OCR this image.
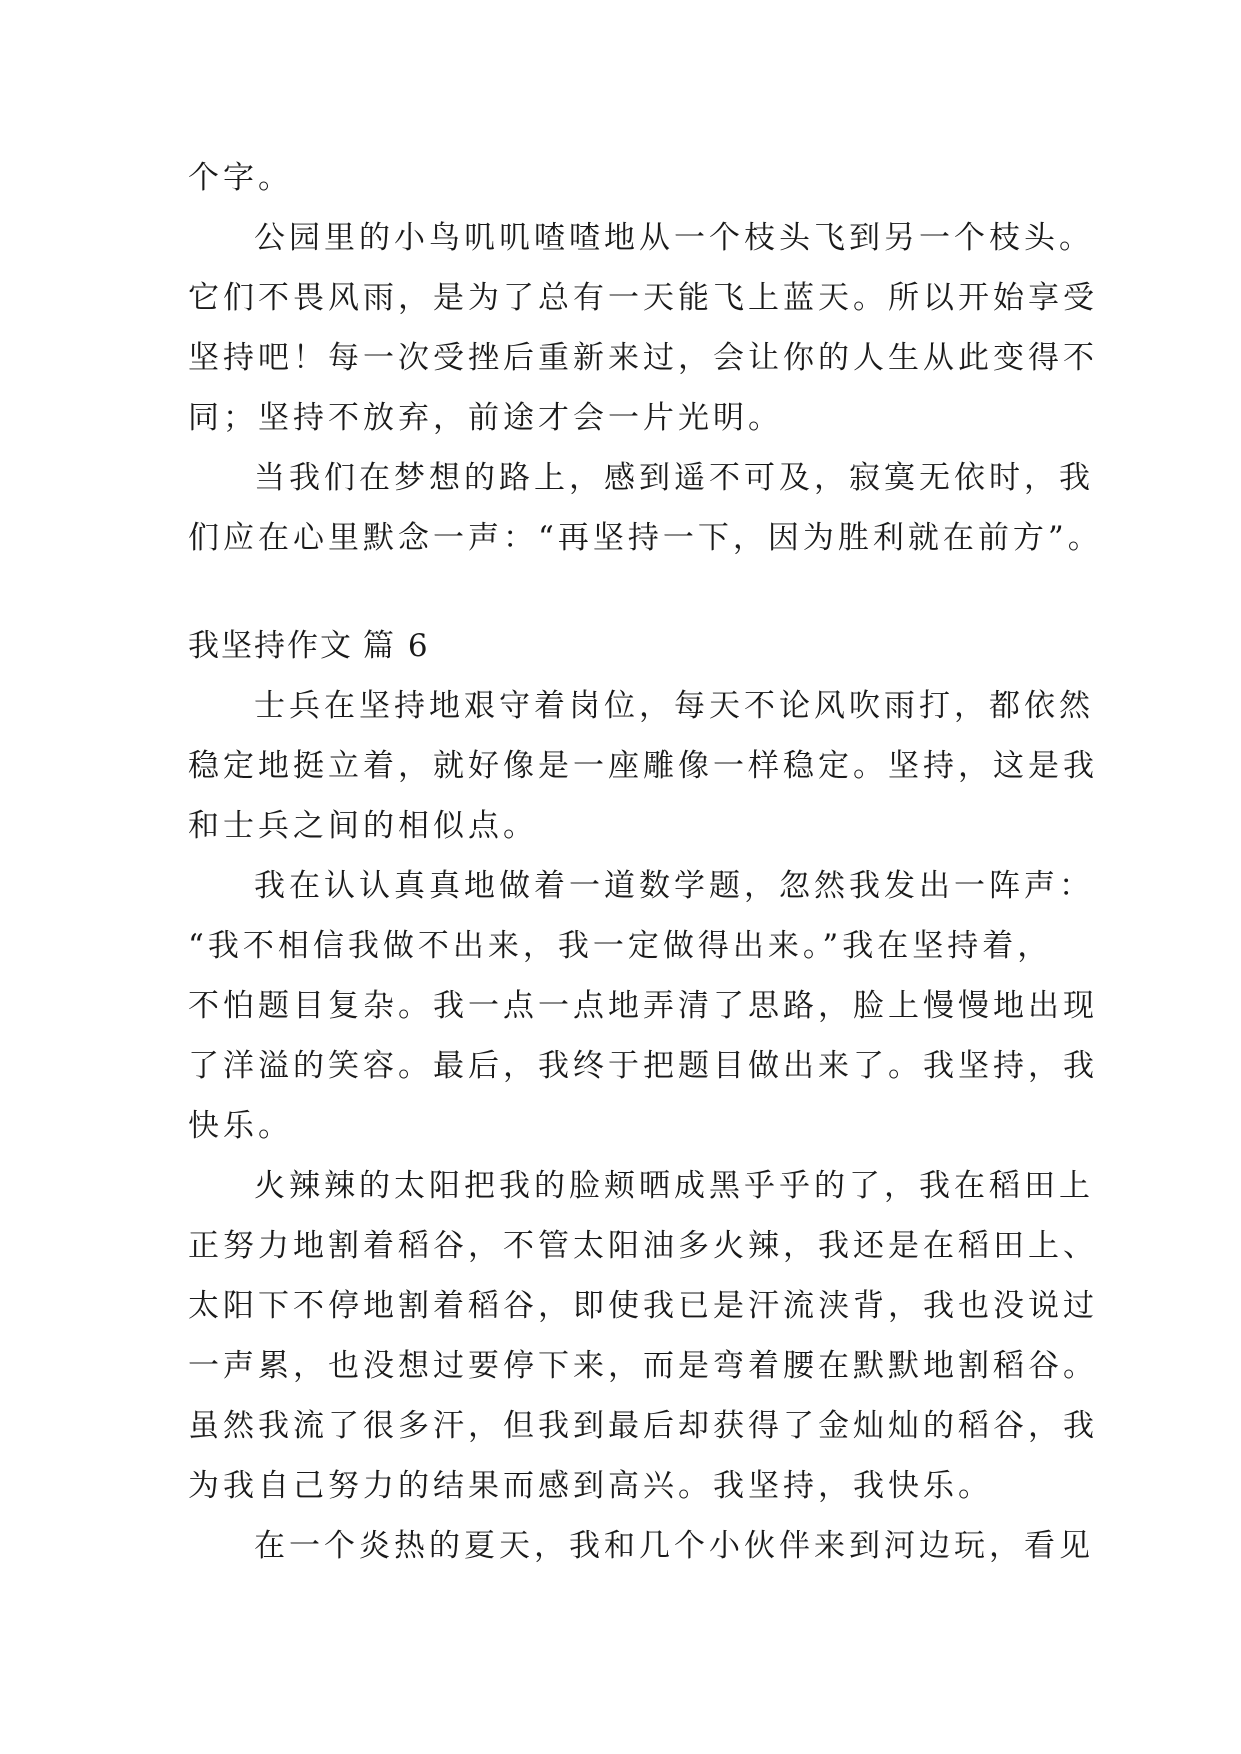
个字。
公园里的小鸟叽叽喳喳地从一个枝头飞到另一个枝头。
它们不畏风雨，是为了总有一天能飞上蓝天。所以开始享受
坚持吧！每一次受挫后重新来过，会让你的人生从此变得不
同；坚持不放弃，前途才会一片光明。
当我们在梦想的路上，感到遥不可及，寂寞无依时，我
们应在心里默念一声：“再坚持一下，因为胜利就在前方”。
我坚持作文 篇 6
士兵在坚持地艰守着岗位，每天不论风吹雨打，都依然
稳定地挺立着，就好像是一座雕像一样稳定。坚持，这是我
和士兵之间的相似点。
我在认认真真地做着一道数学题，忽然我发出一阵声：
“我不相信我做不出来，我一定做得出来。”我在坚持着，
不怕题目复杂。我一点一点地弄清了思路，脸上慢慢地出现
了洋溢的笑容。最后，我终于把题目做出来了。我坚持，我
快乐。
火辣辣的太阳把我的脸颊晒成黑乎乎的了，我在稻田上
正努力地割着稻谷，不管太阳油多火辣，我还是在稻田上、
太阳下不停地割着稻谷，即使我已是汗流浃背，我也没说过
一声累，也没想过要停下来，而是弯着腰在默默地割稻谷。
虽然我流了很多汗，但我到最后却获得了金灿灿的稻谷，我
为我自己努力的结果而感到高兴。我坚持，我快乐。
在一个炎热的夏天，我和几个小伙伴来到河边玩，看见
